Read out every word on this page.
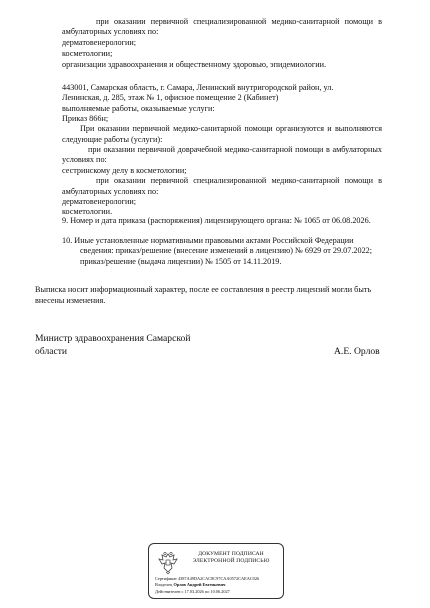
при оказании первичной специализированной медико-санитарной помощи в
амбулаторных условиях по:
дерматовенерологии;
косметологии;
организации здравоохранения и общественному здоровью, эпидемиологии.
443001, Самарская область, г. Самара, Ленинский внутригородской район, ул.
Ленинская, д. 285, этаж № 1, офисное помещение 2 (Кабинет)
выполняемые работы, оказываемые услуги:
Приказ 866н;
При оказании первичной медико-санитарной помощи организуются и выполняются
следующие работы (услуги):
при оказании первичной доврачебной медико-санитарной помощи в амбулаторных
условиях по:
сестринскому делу в косметологии;
при оказании первичной специализированной медико-санитарной помощи в
амбулаторных условиях по:
дерматовенерологии;
косметологии.
9. Номер и дата приказа (распоряжения) лицензирующего органа: № 1065 от 06.08.2026.
10. Иные установленные нормативными правовыми актами Российской Федерации
сведения: приказ/решение (внесение изменений в лицензию) № 6929 от 29.07.2022;
приказ/решение (выдача лицензии) № 1505 от 14.11.2019.
Выписка носит информационный характер, после ее составления в реестр лицензий могли быть
внесены изменения.
Министр здравоохранения Самарской
области	А.Е. Орлов
ДОКУМЕНТ ПОДПИСАН
ЭЛЕКТРОННОЙ ПОДПИСЬЮ
Сертификат 4387A49DA2CAC8C97CAA0572CAEAC026
Владелец Орлов Андрей Евгеньевич
Действителен с 17.03.2026 по 10.06.2027
